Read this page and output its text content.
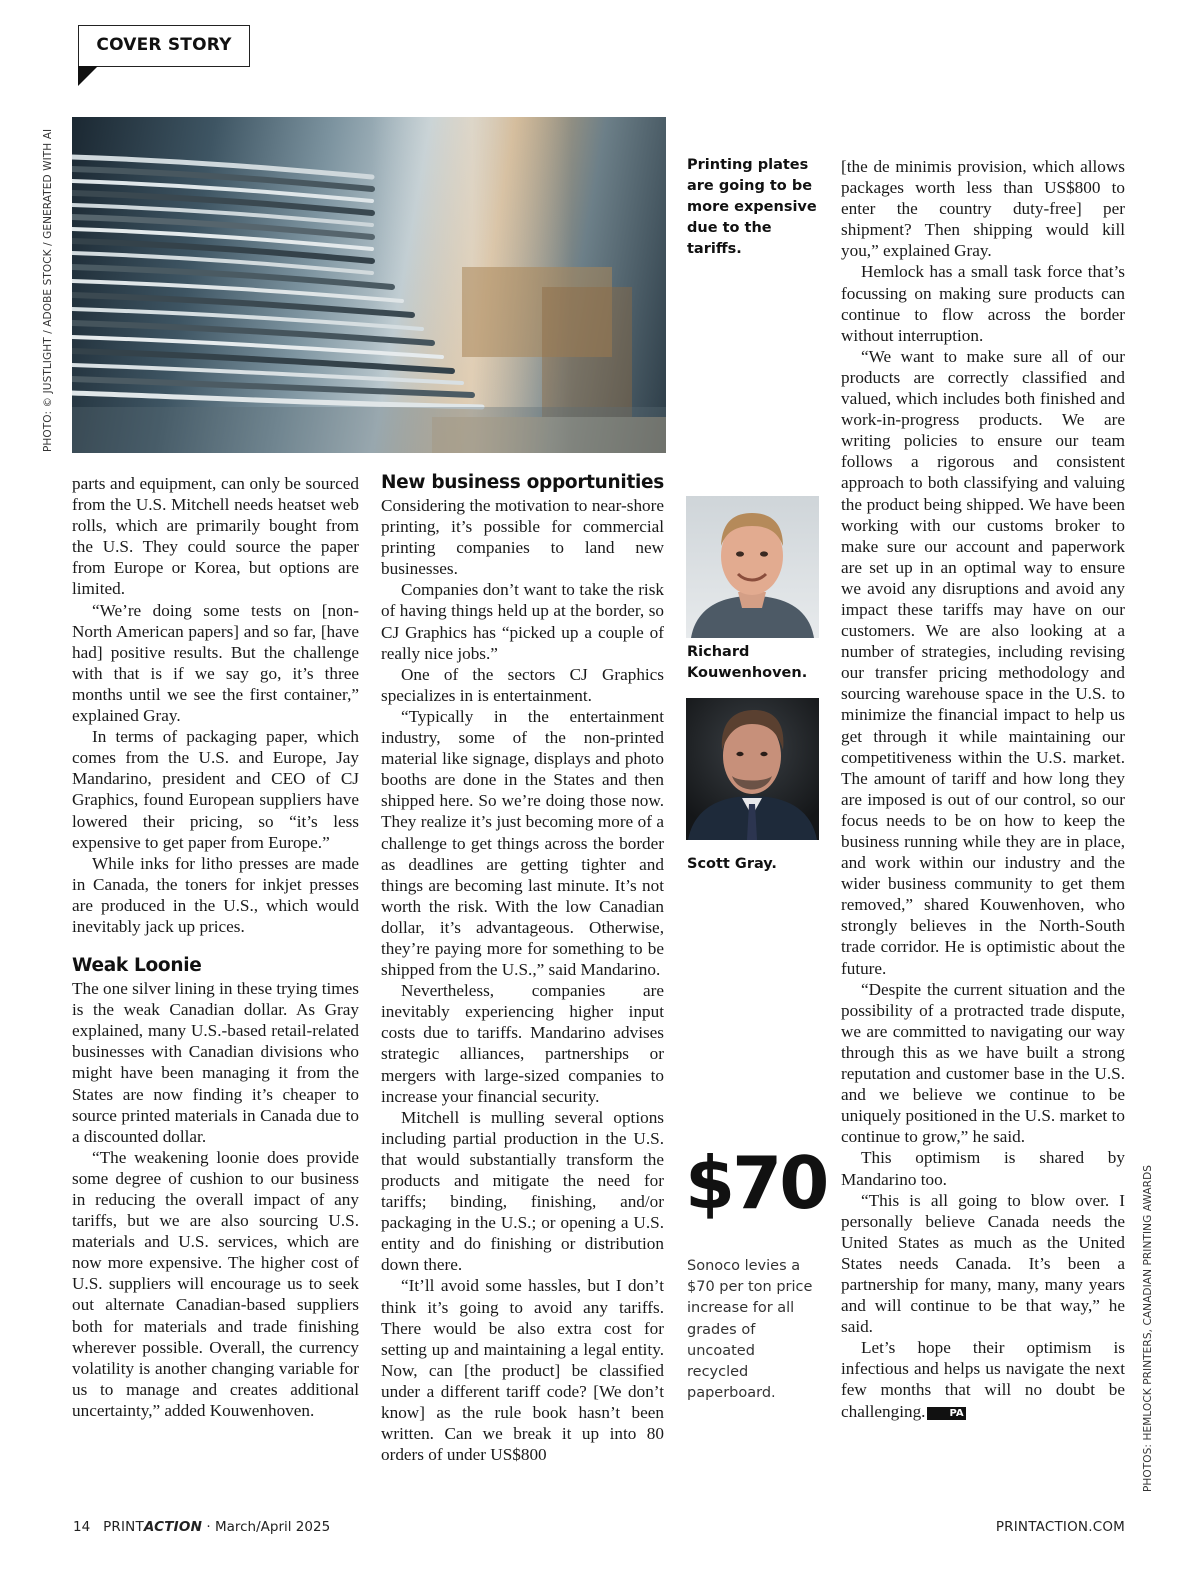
COVER STORY
PHOTO: © JUSTLIGHT / ADOBE STOCK / GENERATED WITH AI
PHOTOS: HEMLOCK PRINTERS, CANADIAN PRINTING AWARDS

parts and equipment, can only be sourced from the U.S. Mitchell needs heatset web rolls, which are primarily bought from the U.S. They could source the paper from Europe or Korea, but options are limited.

“We’re doing some tests on [non-North American papers] and so far, [have had] positive results. But the challenge with that is if we say go, it’s three months until we see the first container,” explained Gray.

In terms of packaging paper, which comes from the U.S. and Europe, Jay Mandarino, president and CEO of CJ Graphics, found European suppliers have lowered their pricing, so “it’s less expensive to get paper from Europe.”

While inks for litho presses are made in Canada, the toners for inkjet presses are produced in the U.S., which would inevitably jack up prices.

Weak Loonie

The one silver lining in these trying times is the weak Canadian dollar. As Gray explained, many U.S.-based retail-related businesses with Canadian divisions who might have been managing it from the States are now finding it’s cheaper to source printed materials in Canada due to a discounted dollar.

“The weakening loonie does provide some degree of cushion to our business in reducing the overall impact of any tariffs, but we are also sourcing U.S. materials and U.S. services, which are now more expensive. The higher cost of U.S. suppliers will encourage us to seek out alternate Canadian-based suppliers both for materials and trade finishing wherever possible. Overall, the currency volatility is another changing variable for us to manage and creates additional uncertainty,” added Kouwenhoven.

New business opportunities

Considering the motivation to near-shore printing, it’s possible for commercial printing companies to land new businesses.

Companies don’t want to take the risk of having things held up at the border, so CJ Graphics has “picked up a couple of really nice jobs.”

One of the sectors CJ Graphics specializes in is entertainment.

“Typically in the entertainment industry, some of the non-printed material like signage, displays and photo booths are done in the States and then shipped here. So we’re doing those now. They realize it’s just becoming more of a challenge to get things across the border as deadlines are getting tighter and things are becoming last minute. It’s not worth the risk. With the low Canadian dollar, it’s advantageous. Otherwise, they’re paying more for something to be shipped from the U.S.,” said Mandarino.

Nevertheless, companies are inevitably experiencing higher input costs due to tariffs. Mandarino advises strategic alliances, partnerships or mergers with large-sized companies to increase your financial security.

Mitchell is mulling several options including partial production in the U.S. that would substantially transform the products and mitigate the need for tariffs; binding, finishing, and/or packaging in the U.S.; or opening a U.S. entity and do finishing or distribution down there.

“It’ll avoid some hassles, but I don’t think it’s going to avoid any tariffs. There would be also extra cost for setting up and maintaining a legal entity. Now, can [the product] be classified under a different tariff code? [We don’t know] as the rule book hasn’t been written. Can we break it up into 80 orders of under US$800

Printing plates are going to be more expensive due to the tariffs.
Richard Kouwenhoven.
Scott Gray.
$70
Sonoco levies a $70 per ton price increase for all grades of uncoated recycled paperboard.

[the de minimis provision, which allows packages worth less than US$800 to enter the country duty-free] per shipment? Then shipping would kill you,” explained Gray.

Hemlock has a small task force that’s focussing on making sure products can continue to flow across the border without interruption.

“We want to make sure all of our products are correctly classified and valued, which includes both finished and work-in-progress products. We are writing policies to ensure our team follows a rigorous and consistent approach to both classifying and valuing the product being shipped. We have been working with our customs broker to make sure our account and paperwork are set up in an optimal way to ensure we avoid any disruptions and avoid any impact these tariffs may have on our customers. We are also looking at a number of strategies, including revising our transfer pricing methodology and sourcing warehouse space in the U.S. to minimize the financial impact to help us get through it while maintaining our competitiveness within the U.S. market. The amount of tariff and how long they are imposed is out of our control, so our focus needs to be on how to keep the business running while they are in place, and work within our industry and the wider business community to get them removed,” shared Kouwenhoven, who strongly believes in the North-South trade corridor. He is optimistic about the future.

“Despite the current situation and the possibility of a protracted trade dispute, we are committed to navigating our way through this as we have built a strong reputation and customer base in the U.S. and we believe we continue to be uniquely positioned in the U.S. market to continue to grow,” he said.

This optimism is shared by Mandarino too.

“This is all going to blow over. I personally believe Canada needs the United States as much as the United States needs Canada. It’s been a partnership for many, many, many years and will continue to be that way,” he said.

Let’s hope their optimism is infectious and helps us navigate the next few months that will no doubt be challenging. PA

14 PRINTACTION · March/April 2025	PRINTACTION.COM
